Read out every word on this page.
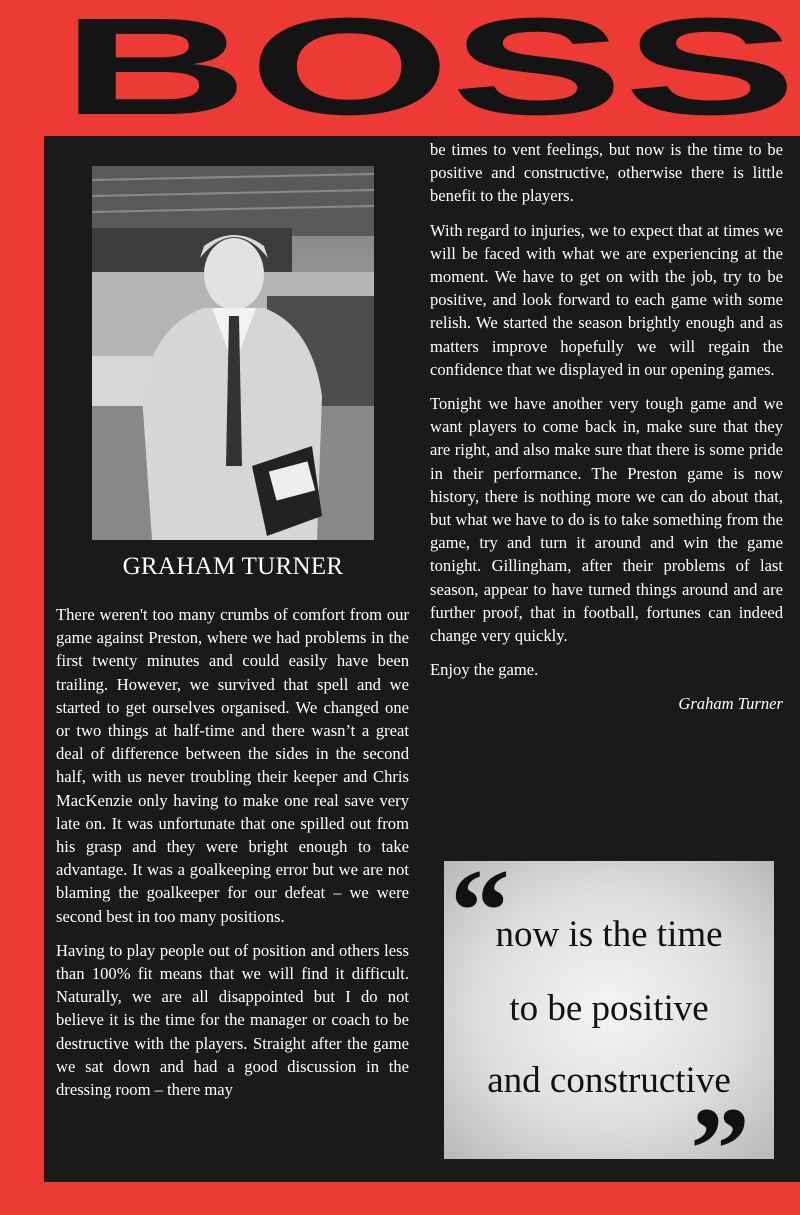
BOSS
GRAHAM TURNER

There weren't too many crumbs of comfort from our game against Preston, where we had problems in the first twenty minutes and could easily have been trailing. However, we survived that spell and we started to get ourselves organised. We changed one or two things at half-time and there wasn’t a great deal of difference between the sides in the second half, with us never troubling their keeper and Chris MacKenzie only having to make one real save very late on. It was unfortunate that one spilled out from his grasp and they were bright enough to take advantage. It was a goalkeeping error but we are not blaming the goalkeeper for our defeat – we were second best in too many positions.

Having to play people out of position and others less than 100% fit means that we will find it difficult. Naturally, we are all disappointed but I do not believe it is the time for the manager or coach to be destructive with the players. Straight after the game we sat down and had a good discussion in the dressing room – there may

be times to vent feelings, but now is the time to be positive and constructive, otherwise there is little benefit to the players.

With regard to injuries, we to expect that at times we will be faced with what we are experiencing at the moment. We have to get on with the job, try to be positive, and look forward to each game with some relish. We started the season brightly enough and as matters improve hopefully we will regain the confidence that we displayed in our opening games.

Tonight we have another very tough game and we want players to come back in, make sure that they are right, and also make sure that there is some pride in their performance. The Preston game is now history, there is nothing more we can do about that, but what we have to do is to take something from the game, try and turn it around and win the game tonight. Gillingham, after their problems of last season, appear to have turned things around and are further proof, that in football, fortunes can indeed change very quickly.

Enjoy the game.

Graham Turner
“
now is the time
to be positive
and constructive
”
